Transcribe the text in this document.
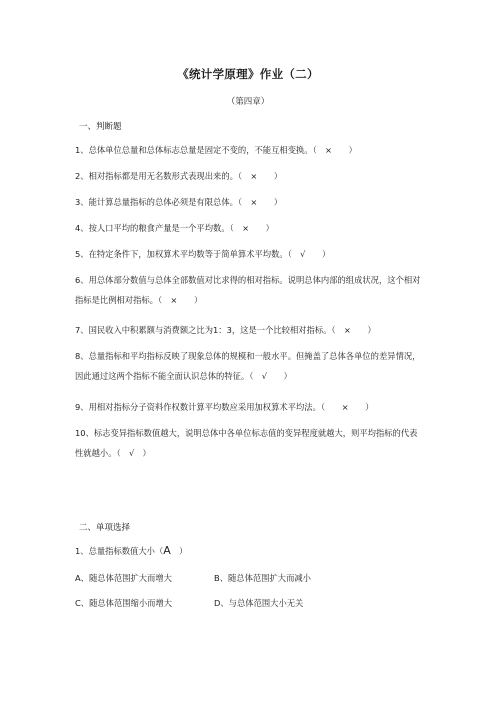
《统计学原理》作业（二）
（第四章）
一、判断题
1、总体单位总量和总体标志总量是固定不变的，不能互相变换。（　×　　）
2、相对指标都是用无名数形式表现出来的。（　×　　）
3、能计算总量指标的总体必须是有限总体。（　×　　）
4、按人口平均的粮食产量是一个平均数。（　×　　）
5、在特定条件下，加权算术平均数等于简单算术平均数。（　√　　）
6、用总体部分数值与总体全部数值对比求得的相对指标。说明总体内部的组成状况，这个相对指标是比例相对指标。（　×　　）
7、国民收入中积累额与消费额之比为1：3，这是一个比较相对指标。（　×　　）
8、总量指标和平均指标反映了现象总体的规模和一般水平。但掩盖了总体各单位的差异情况，因此通过这两个指标不能全面认识总体的特征。（　√　　）
9、用相对指标分子资料作权数计算平均数应采用加权算术平均法。（　　×　　）
10、标志变异指标数值越大，说明总体中各单位标志值的变异程度就越大，则平均指标的代表性就越小。（　√　）
二、单项选择
1、总量指标数值大小（A　）
A、随总体范围扩大而增大	B、随总体范围扩大而减小
C、随总体范围缩小而增大	D、与总体范围大小无关
